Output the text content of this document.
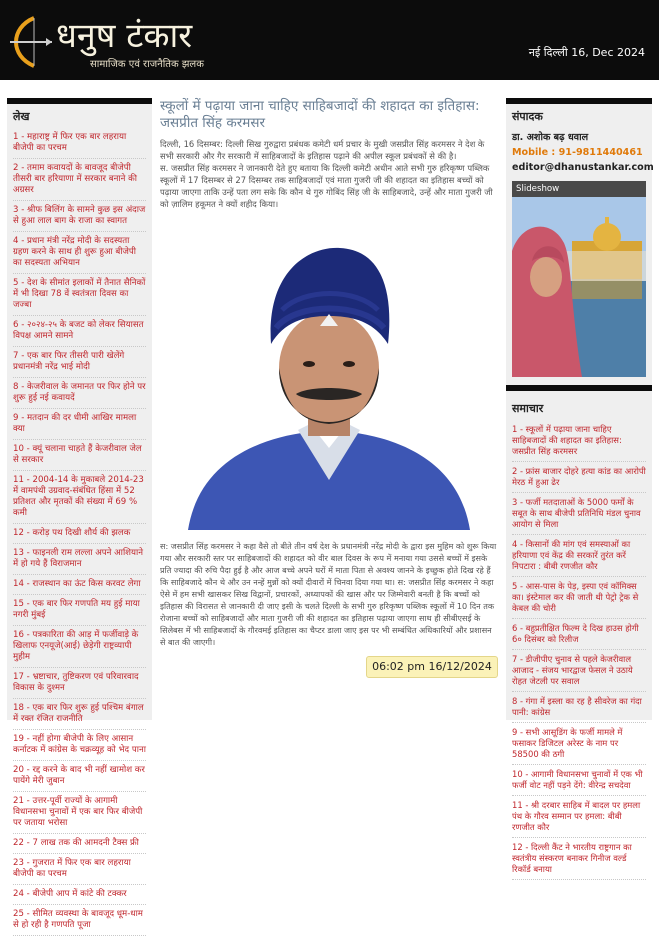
धनुष टंकार
सामाजिक एवं राजनैतिक झलक
नई दिल्ली 16, Dec 2024
लेख
1 - महाराष्ट्र में फिर एक बार लहराया बीजेपी का परचम
2 - तमाम कवायदों के बावजूद बीजेपी तीसरी बार हरियाणा में सरकार बनाने की अग्रसर
3 - श्रीफ बिलिंग के सामने कुछ इस अंदाज से हुआ लाल बाग के राजा का स्वागत
4 - प्रधान मंत्री नरेंद्र मोदी के सदस्यता ग्रहण करने के साथ ही शुरू हुआ बीजेपी का सदस्यता अभियान
5 - देश के सीमांत इलाकों में तैनात सैनिकों में भी दिखा 78 वें स्वतंत्रता दिवस का जज्बा
6 - २०२४-२५ के बजट को लेकर सियासत विपक्ष आमने सामने
7 - एक बार फिर तीसरी पारी खेलेंगे प्रधानमंत्री नरेंद्र भाई मोदी
8 - केजरीवाल के जमानत पर फिर होने पर शुरू हुई नई कवायदें
9 - मतदान की दर धीमी आखिर मामला क्या
10 - क्यूं चलाना चाहते हैं केजरीवाल जेल से सरकार
11 - 2004-14 के मुकाबले 2014-23 में वामपंथी उग्रवाद-संबंधित हिंसा में 52 प्रतिशत और मृतकों की संख्या में 69 % कमी
12 - करोड़ पथ दिखी शौर्य की झलक
13 - फाइनली राम लल्ला अपने आशियाने में हो गये हैं विराजमान
14 - राजस्थान का ऊंट किस करवट लेगा
15 - एक बार फिर गणपति मय हुई माया नगरी मुंबई
16 - पत्रकारिता की आड़ में फर्जीवाड़े के खिलाफ एनयूजे(आई) छेड़ेगी राष्ट्रव्यापी मुहीम
17 - भ्रष्टाचार, तुष्टिकरण एवं परिवारवाद विकास के दुश्मन
18 - एक बार फिर शुरू हुई पश्चिम बंगाल में रक्त रंजित राजनीति
19 - नहीं होगा बीजेपी के लिए आसान कर्नाटक में कांग्रेस के चक्रव्यूह को भेद पाना
20 - रद्द करने के बाद भी नहीं खामोश कर पायेंगे मेरी जुबान
21 - उत्तर-पूर्वी राज्यों के आगामी विधानसभा चुनावों में एक बार फिर बीजेपी पर जताया भरोसा
22 - 7 लाख तक की आमदनी टैक्स फ्री
23 - गुजरात में फिर एक बार लहराया बीजेपी का परचम
24 - बीजेपी आप में कांटे की टक्कर
25 - सीमित व्यवस्था के बावजूद धूम-धाम से हो रही है गणपति पूजा
स्कूलों में पढ़ाया जाना चाहिए साहिबजादों की शहादत का इतिहास: जसप्रीत सिंह करमसर

दिल्ली, 16 दिसम्बर: दिल्ली सिख गुरुद्वारा प्रबंधक कमेटी धर्म प्रचार के मुखी जसप्रीत सिंह करमसर ने देश के सभी सरकारी और गैर सरकारी में साहिबजादों के इतिहास पढ़ाने की अपील स्कूल प्रबंधकों से की है।

स. जसप्रीत सिंह करमसर ने जानकारी देते हुए बताया कि दिल्ली कमेटी अधीन आते सभी गुरु हरिकृष्ण पब्लिक स्कूलों में 17 दिसम्बर से 27 दिसम्बर तक साहिबजादों एवं माता गुजरी जी की शहादत का इतिहास बच्चों को पढ़ाया जाएगा ताकि उन्हें पता लग सके कि कौन थे गुरु गोबिंद सिंह जी के साहिबजादे, उन्हें और माता गुजरी जी को ज़ालिम हकूमत ने क्यों शहीद किया।

स: जसप्रीत सिंह करमसर ने कहा वैसे तो बीते तीन वर्ष देश के प्रधानमंत्री नरेंद्र मोदी के द्वारा इस मुहिम को शुरू किया गया और सरकारी स्तर पर साहिबजादों की शहादत को वीर बाल दिवस के रूप में मनाया गया उससे बच्चों में इसके प्रति ज्यादा की रुचि पैदा हुई है और आज बच्चे अपने घरों में माता पिता से अवश्य जानने के इच्छुक होते दिख रहे हैं कि साहिबजादे कौन थे और उन नन्हें मुन्नों को क्यों दीवारों में चिनवा दिया गया था। स: जसप्रीत सिंह करमसर ने कहा ऐसे में हम सभी खासकर सिख विद्वानों, प्रचारकों, अध्यापकों की खास और पर जिम्मेवारी बनती है कि बच्चों को इतिहास की विरासत से जानकारी दी जाए इसी के चलते दिल्ली के सभी गुरु हरिकृष्ण पब्लिक स्कूलों में 10 दिन तक रोजाना बच्चों को साहिबजादों और माता गुजरी जी की शहादत का इतिहास पढ़ाया जाएगा साथ ही सीबीएसई के सिलेबस में भी साहिबजादों के गौरवमई इतिहास का चैप्टर डाला जाए इस पर भी सम्बंधित अधिकारियों और प्रशासन से बात की जाएगी।

06:02 pm 16/12/2024
संपादक
डा. अशोक बढ़ धवाल
Mobile : 91-9811440461
editor@dhanustankar.com
Slideshow
समाचार
1 - स्कूलों में पढ़ाया जाना चाहिए साहिबजादों की शहादत का इतिहास: जसप्रीत सिंह करमसर
2 - फ्रांस बाजार दोहरे हत्या कांड का आरोपी मेरठ में हुआ ढेर
3 - फर्जी मतदाताओं के 5000 फर्मों के सबूत के साथ बीजेपी प्रतिनिधि मंडल चुनाव आयोग से मिला
4 - किसानों की मांग एवं समस्याओं का हरियाणा एवं केंद्र की सरकारें तुरंत करें निपटारा : बीबी रणजीत कौर
5 - आस-पास के पेड़, इस्पा एवं कॉमिक्स का। इंस्टेमाल कर की जाती थी पेट्रो ट्रेक से केबल की चोरी
6 - बहुप्रतीक्षित फिल्म दे दिख हाउस होगी 6० दिसंबर को रिलीज
7 - डीजीपीए चुनाव से पहले केजरीवाल आजाद - संजय भारद्वाज फेसल ने उठाये रोहत जेटली पर सवाल
8 - गंगा में इस्ला का रह है सीवरेज का गंदा पानी: कांग्रेस
9 - सभी आसूडिंग के फर्जी मामले में फसाकर डिजिटल अरेस्ट के नाम पर 58500 की ठगी
10 - आगामी विधानसभा चुनावों में एक भी फर्जी वोट नहीं पड़ने देंगे: वीरेन्द्र सचदेवा
11 - श्री दरबार साहिब में बादल पर हमला पंथ के गौरव सम्मान पर हमला: बीबी रणजीत कौर
12 - दिल्ली कैंट ने भारतीय राष्ट्रगान का स्वतंत्रीय संस्करण बनाकर गिनीज वर्ल्ड रिकॉर्ड बनाया
